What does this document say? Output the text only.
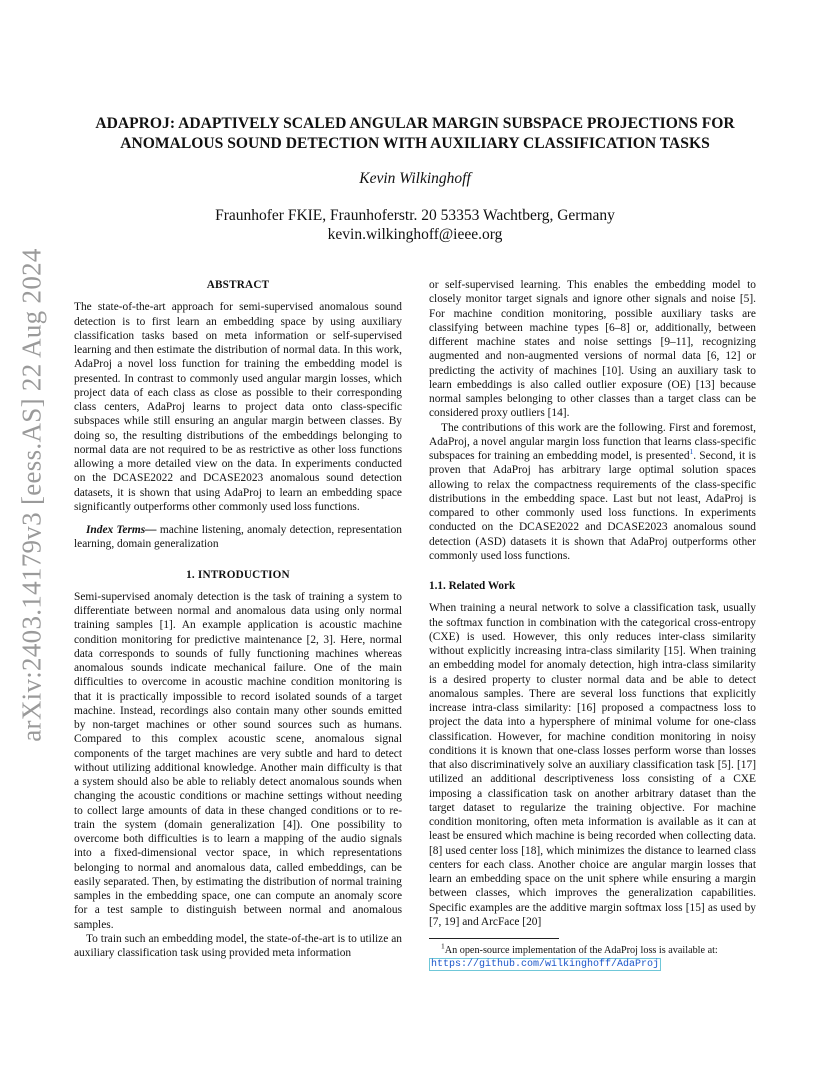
arXiv:2403.14179v3 [eess.AS] 22 Aug 2024
ADAPROJ: ADAPTIVELY SCALED ANGULAR MARGIN SUBSPACE PROJECTIONS FOR
ANOMALOUS SOUND DETECTION WITH AUXILIARY CLASSIFICATION TASKS
Kevin Wilkinghoff
Fraunhofer FKIE, Fraunhoferstr. 20 53353 Wachtberg, Germany
kevin.wilkinghoff@ieee.org
ABSTRACT

The state-of-the-art approach for semi-supervised anomalous sound detection is to first learn an embedding space by using auxiliary classification tasks based on meta information or self-supervised learning and then estimate the distribution of normal data. In this work, AdaProj a novel loss function for training the embedding model is presented. In contrast to commonly used angular margin losses, which project data of each class as close as possible to their corresponding class centers, AdaProj learns to project data onto class-specific subspaces while still ensuring an angular margin between classes. By doing so, the resulting distributions of the embeddings belonging to normal data are not required to be as restrictive as other loss functions allowing a more detailed view on the data. In experiments conducted on the DCASE2022 and DCASE2023 anomalous sound detection datasets, it is shown that using AdaProj to learn an embedding space significantly outperforms other commonly used loss functions.

Index Terms— machine listening, anomaly detection, representation learning, domain generalization

1. INTRODUCTION

Semi-supervised anomaly detection is the task of training a system to differentiate between normal and anomalous data using only normal training samples [1]. An example application is acoustic machine condition monitoring for predictive maintenance [2, 3]. Here, normal data corresponds to sounds of fully functioning machines whereas anomalous sounds indicate mechanical failure. One of the main difficulties to overcome in acoustic machine condition monitoring is that it is practically impossible to record isolated sounds of a target machine. Instead, recordings also contain many other sounds emitted by non-target machines or other sound sources such as humans. Compared to this complex acoustic scene, anomalous signal components of the target machines are very subtle and hard to detect without utilizing additional knowledge. Another main difficulty is that a system should also be able to reliably detect anomalous sounds when changing the acoustic conditions or machine settings without needing to collect large amounts of data in these changed conditions or to re-train the system (domain generalization [4]). One possibility to overcome both difficulties is to learn a mapping of the audio signals into a fixed-dimensional vector space, in which representations belonging to normal and anomalous data, called embeddings, can be easily separated. Then, by estimating the distribution of normal training samples in the embedding space, one can compute an anomaly score for a test sample to distinguish between normal and anomalous samples.

To train such an embedding model, the state-of-the-art is to utilize an auxiliary classification task using provided meta information

or self-supervised learning. This enables the embedding model to closely monitor target signals and ignore other signals and noise [5]. For machine condition monitoring, possible auxiliary tasks are classifying between machine types [6–8] or, additionally, between different machine states and noise settings [9–11], recognizing augmented and non-augmented versions of normal data [6, 12] or predicting the activity of machines [10]. Using an auxiliary task to learn embeddings is also called outlier exposure (OE) [13] because normal samples belonging to other classes than a target class can be considered proxy outliers [14].

The contributions of this work are the following. First and foremost, AdaProj, a novel angular margin loss function that learns class-specific subspaces for training an embedding model, is presented$^1$. Second, it is proven that AdaProj has arbitrary large optimal solution spaces allowing to relax the compactness requirements of the class-specific distributions in the embedding space. Last but not least, AdaProj is compared to other commonly used loss functions. In experiments conducted on the DCASE2022 and DCASE2023 anomalous sound detection (ASD) datasets it is shown that AdaProj outperforms other commonly used loss functions.

1.1. Related Work

When training a neural network to solve a classification task, usually the softmax function in combination with the categorical cross-entropy (CXE) is used. However, this only reduces inter-class similarity without explicitly increasing intra-class similarity [15]. When training an embedding model for anomaly detection, high intra-class similarity is a desired property to cluster normal data and be able to detect anomalous samples. There are several loss functions that explicitly increase intra-class similarity: [16] proposed a compactness loss to project the data into a hypersphere of minimal volume for one-class classification. However, for machine condition monitoring in noisy conditions it is known that one-class losses perform worse than losses that also discriminatively solve an auxiliary classification task [5]. [17] utilized an additional descriptiveness loss consisting of a CXE imposing a classification task on another arbitrary dataset than the target dataset to regularize the training objective. For machine condition monitoring, often meta information is available as it can at least be ensured which machine is being recorded when collecting data. [8] used center loss [18], which minimizes the distance to learned class centers for each class. Another choice are angular margin losses that learn an embedding space on the unit sphere while ensuring a margin between classes, which improves the generalization capabilities. Specific examples are the additive margin softmax loss [15] as used by [7, 19] and ArcFace [20]

$^1$An open-source implementation of the AdaProj loss is available at:
https://github.com/wilkinghoff/AdaProj
